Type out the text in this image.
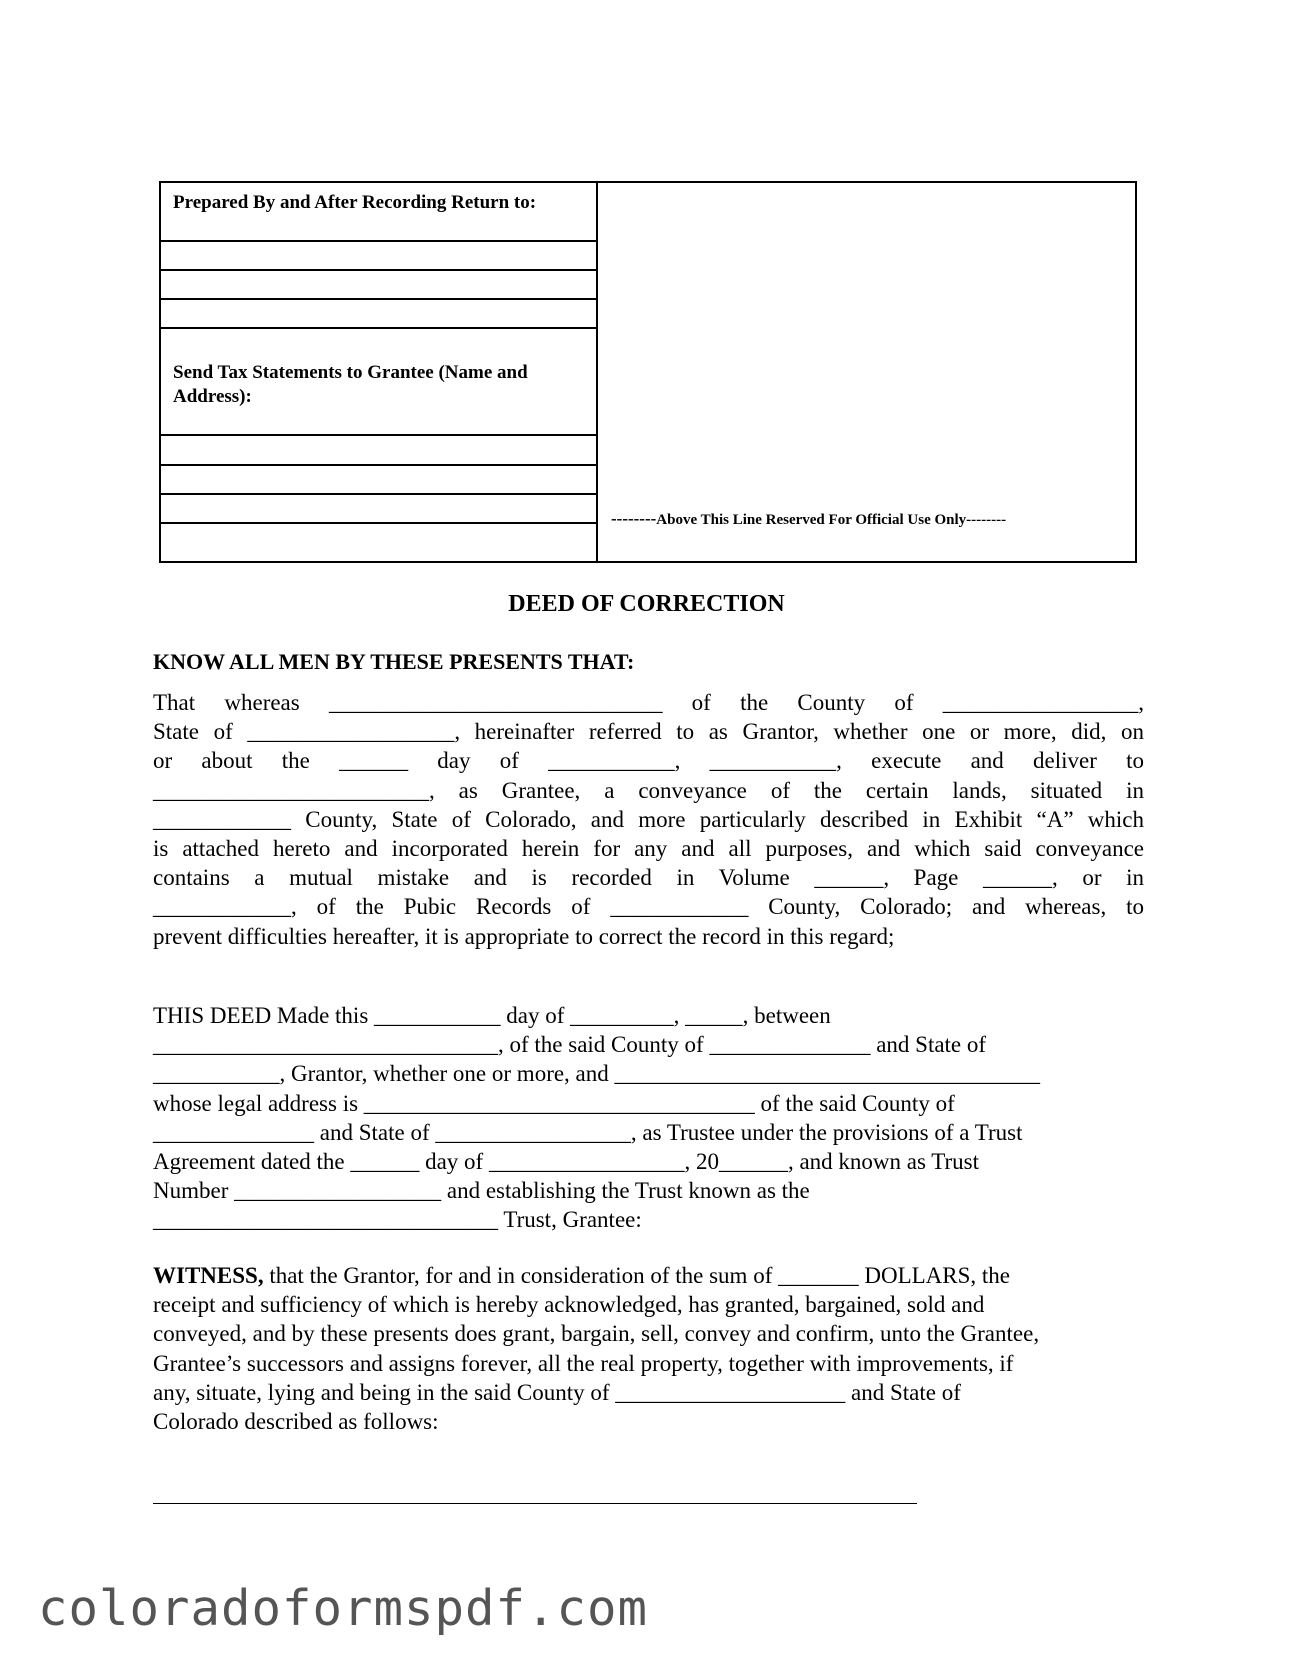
Prepared By and After Recording Return to:
Send Tax Statements to Grantee (Name and Address):
--------Above This Line Reserved For Official Use Only--------
DEED OF CORRECTION
KNOW ALL MEN BY THESE PRESENTS THAT:
That whereas _____________________________ of the County of _________________,
State of __________________, hereinafter referred to as Grantor, whether one or more, did, on
or about the ______ day of ___________, ___________, execute and deliver to
________________________, as Grantee, a conveyance of the certain lands, situated in
____________ County, State of Colorado, and more particularly described in Exhibit “A” which
is attached hereto and incorporated herein for any and all purposes, and which said conveyance
contains a mutual mistake and is recorded in Volume ______, Page ______, or in
____________, of the Pubic Records of ____________ County, Colorado; and whereas, to
prevent difficulties hereafter, it is appropriate to correct the record in this regard;
THIS DEED Made this ___________ day of _________, _____, between
______________________________, of the said County of ______________ and State of
___________, Grantor, whether one or more, and _____________________________________
whose legal address is __________________________________ of the said County of
______________ and State of _________________, as Trustee under the provisions of a Trust
Agreement dated the ______ day of _________________, 20______, and known as Trust
Number __________________ and establishing the Trust known as the
______________________________ Trust, Grantee:
WITNESS, that the Grantor, for and in consideration of the sum of _______ DOLLARS, the
receipt and sufficiency of which is hereby acknowledged, has granted, bargained, sold and
conveyed, and by these presents does grant, bargain, sell, convey and confirm, unto the Grantee,
Grantee’s successors and assigns forever, all the real property, together with improvements, if
any, situate, lying and being in the said County of ____________________ and State of
Colorado described as follows:
coloradoformspdf.com
